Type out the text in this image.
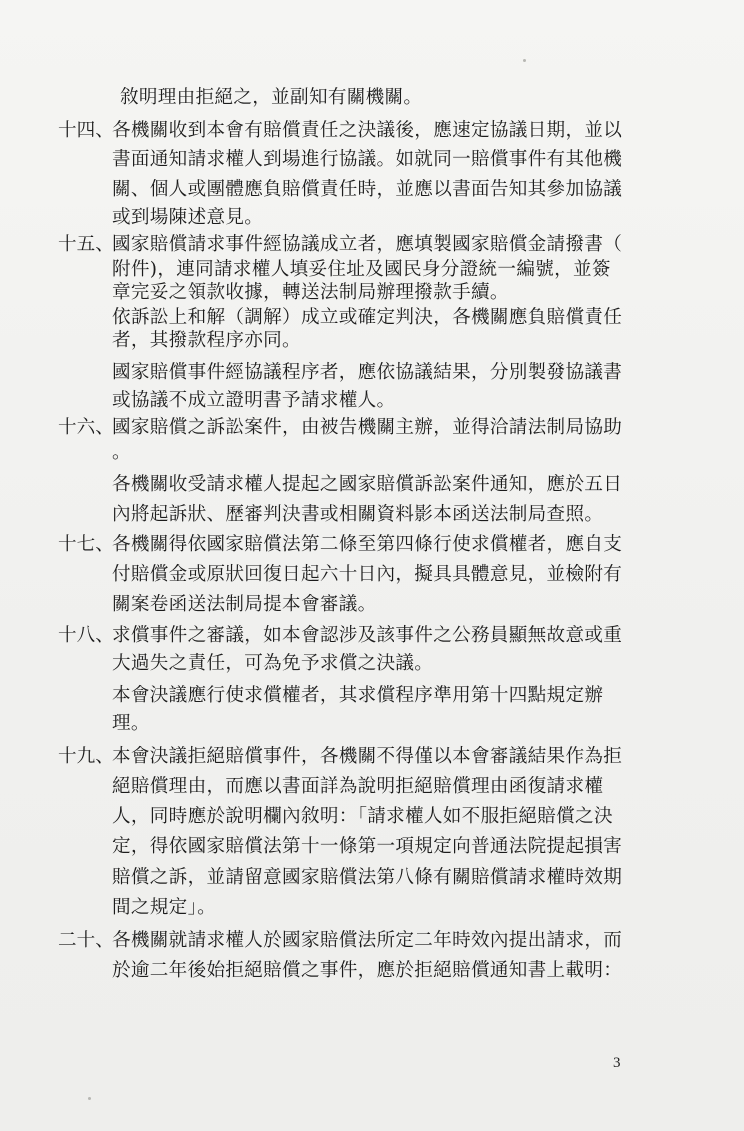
敘明理由拒絕之，並副知有關機關。
十四、
各機關收到本會有賠償責任之決議後，應速定協議日期，並以
書面通知請求權人到場進行協議。如就同一賠償事件有其他機
關、個人或團體應負賠償責任時，並應以書面告知其參加協議
或到場陳述意見。
十五、
國家賠償請求事件經協議成立者，應填製國家賠償金請撥書（
附件)，連同請求權人填妥住址及國民身分證統一編號，並簽
章完妥之領款收據，轉送法制局辦理撥款手續。
依訴訟上和解（調解）成立或確定判決，各機關應負賠償責任
者，其撥款程序亦同。
國家賠償事件經協議程序者，應依協議結果，分別製發協議書
或協議不成立證明書予請求權人。
十六、
國家賠償之訴訟案件，由被告機關主辦，並得洽請法制局協助
。
各機關收受請求權人提起之國家賠償訴訟案件通知，應於五日
內將起訴狀、歷審判決書或相關資料影本函送法制局查照。
十七、
各機關得依國家賠償法第二條至第四條行使求償權者，應自支
付賠償金或原狀回復日起六十日內，擬具具體意見，並檢附有
關案卷函送法制局提本會審議。
十八、
求償事件之審議，如本會認涉及該事件之公務員顯無故意或重
大過失之責任，可為免予求償之決議。
本會決議應行使求償權者，其求償程序準用第十四點規定辦
理。
十九、
本會決議拒絕賠償事件，各機關不得僅以本會審議結果作為拒
絕賠償理由，而應以書面詳為說明拒絕賠償理由函復請求權
人，同時應於說明欄內敘明：「請求權人如不服拒絕賠償之決
定，得依國家賠償法第十一條第一項規定向普通法院提起損害
賠償之訴，並請留意國家賠償法第八條有關賠償請求權時效期
間之規定」。
二十、
各機關就請求權人於國家賠償法所定二年時效內提出請求，而
於逾二年後始拒絕賠償之事件，應於拒絕賠償通知書上載明：
3
